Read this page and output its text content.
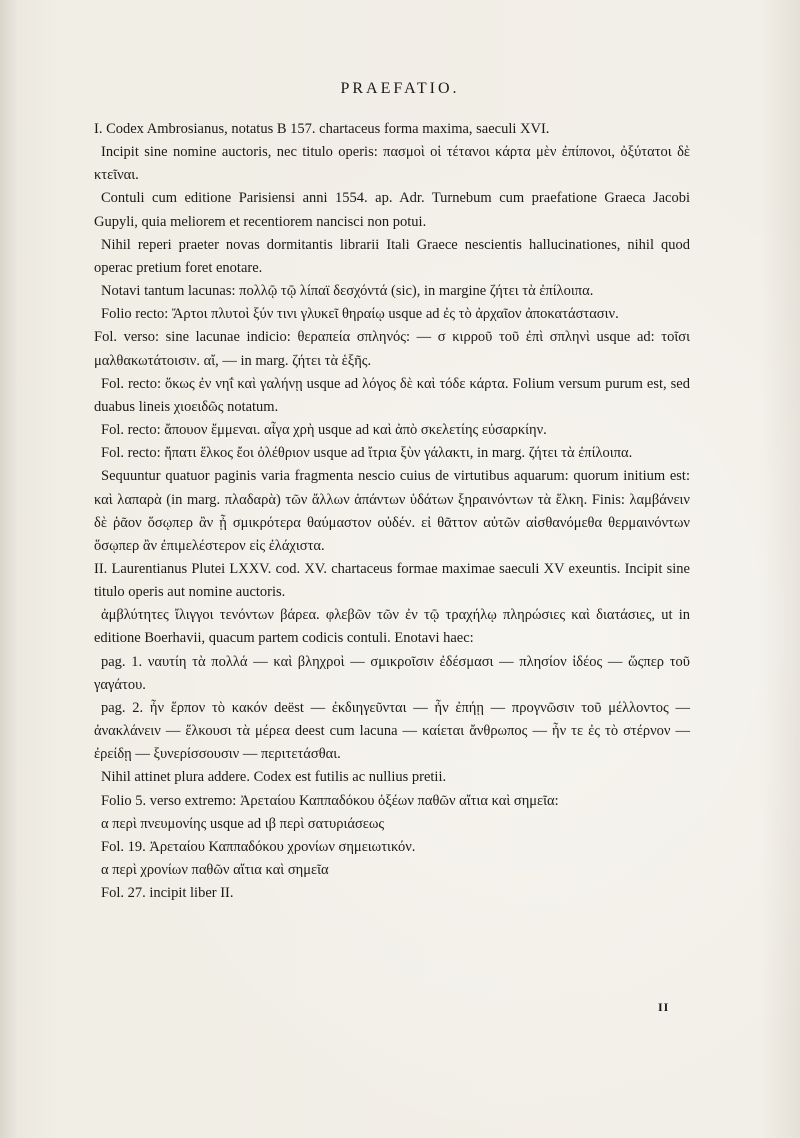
PRAEFATIO.

I. Codex Ambrosianus, notatus B 157. chartaceus forma maxima, saeculi XVI.

Incipit sine nomine auctoris, nec titulo operis: πασμοὶ οἱ τέτανοι κάρτα μὲν ἐπίπονοι, ὀξύτατοι δὲ κτεῖναι.

Contuli cum editione Parisiensi anni 1554. ap. Adr. Turnebum cum praefatione Graeca Jacobi Gupyli, quia meliorem et recentiorem nancisci non potui.

Nihil reperi praeter novas dormitantis librarii Itali Graece nescientis hallucinationes, nihil quod operac pretium foret enotare.

Notavi tantum lacunas: πολλῷ τῷ λίπαϊ δεσχόντά (sic), in margine ζήτει τὰ ἐπίλοιπα.

Folio recto: Ἄρτοι πλυτοὶ ξύν τινι γλυκεῖ θηραίῳ usque ad ἐς τὸ ἀρχαῖον ἀποκατάστασιν.

Fol. verso: sine lacunae indicio: θεραπεία σπληνός: — σ κιρροῦ τοῦ ἐπὶ σπληνὶ usque ad: τοῖσι μαλθακωτάτοισιν. αἴ, — in marg. ζήτει τὰ ἑξῆς.

Fol. recto: ὅκως ἐν νηΐ καὶ γαλήνῃ usque ad λόγος δὲ καὶ τόδε κάρτα. Folium versum purum est, sed duabus lineis χιοειδῶς notatum.

Fol. recto: ἄπουον ἔμμεναι. αἶγα χρὴ usque ad καὶ ἀπὸ σκελετίης εὐσαρκίην.

Fol. recto: ἤπατι ἕλκος ἔοι ὀλέθριον usque ad ἴτρια ξὺν γάλακτι, in marg. ζήτει τὰ ἐπίλοιπα.

Sequuntur quatuor paginis varia fragmenta nescio cuius de virtutibus aquarum: quorum initium est: καὶ λαπαρὰ (in marg. πλαδαρὰ) τῶν ἄλλων ἁπάντων ὑδάτων ξηραινόντων τὰ ἕλκη. Finis: λαμβάνειν δὲ ῥᾶον ὅσῳπερ ἂν ᾖ σμικρότερα θαύμαστον οὐδέν. εἰ θᾶττον αὐτῶν αἰσθανόμεθα θερμαινόντων ὅσῳπερ ἂν ἐπιμελέστερον εἰς ἐλάχιστα.

II. Laurentianus Plutei LXXV. cod. XV. chartaceus formae maximae saeculi XV exeuntis. Incipit sine titulo operis aut nomine auctoris.

ἀμβλύτητες ἴλιγγοι τενόντων βάρεα. φλεβῶν τῶν ἐν τῷ τραχήλῳ πληρώσιες καὶ διατάσιες, ut in editione Boerhavii, quacum partem codicis contuli. Enotavi haec:

pag. 1. ναυτίη τὰ πολλά — καὶ βληχροὶ — σμικροῖσιν ἐδέσμασι — πλησίον ἰδέος — ὥςπερ τοῦ γαγάτου.

pag. 2. ἦν ἕρπον τὸ κακόν deëst — ἐκδιηγεῦνται — ἦν ἐπήῃ — προγνῶσιν τοῦ μέλλοντος — ἀνακλάνειν — ἕλκουσι τὰ μέρεα deest cum lacuna — καίεται ἄνθρωπος — ἦν τε ἐς τὸ στέρνον — ἐρείδῃ — ξυνερίσσουσιν — περιτετάσθαι.

Nihil attinet plura addere. Codex est futilis ac nullius pretii.

Folio 5. verso extremo: Ἀρεταίου Καππαδόκου ὀξέων παθῶν αἴτια καὶ σημεῖα:

α περὶ πνευμονίης usque ad ιβ περὶ σατυριάσεως

Fol. 19. Ἀρεταίου Καππαδόκου χρονίων σημειωτικόν.

α περὶ χρονίων παθῶν αἴτια καὶ σημεῖα

Fol. 27. incipit liber II.

II
